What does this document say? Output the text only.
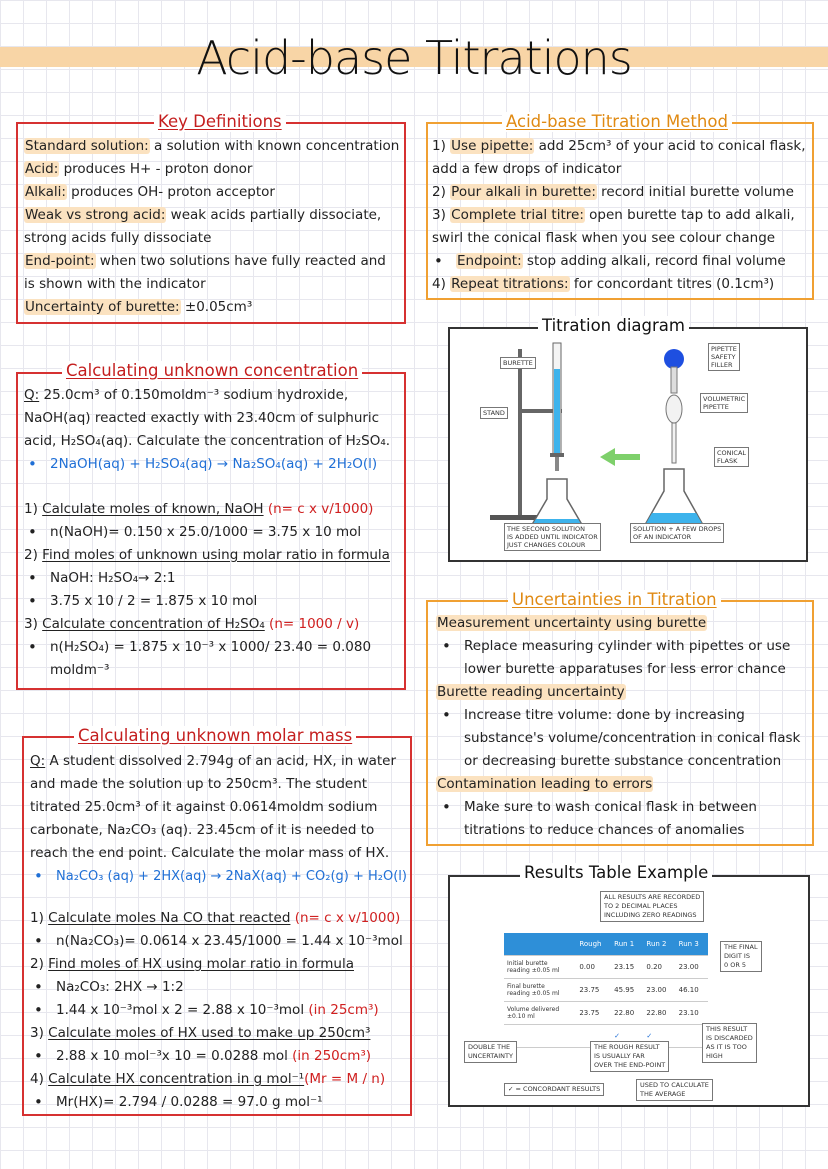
Acid-base Titrations
Key Definitions
Standard solution: a solution with known concentration
Acid: produces H+ - proton donor
Alkali: produces OH- proton acceptor
Weak vs strong acid: weak acids partially dissociate,
strong acids fully dissociate
End-point: when two solutions have fully reacted and
is shown with the indicator
Uncertainty of burette: ±0.05cm³
Acid-base Titration Method
1) Use pipette: add 25cm³ of your acid to conical flask,
add a few drops of indicator
2) Pour alkali in burette: record initial burette volume
3) Complete trial titre: open burette tap to add alkali,
swirl the conical flask when you see colour change
• Endpoint: stop adding alkali, record final volume
4) Repeat titrations: for concordant titres (0.1cm³)
BURETTE
STAND
PIPETTE
SAFETY
FILLER
VOLUMETRIC
PIPETTE
CONICAL
FLASK
THE SECOND SOLUTION
IS ADDED UNTIL INDICATOR
JUST CHANGES COLOUR
SOLUTION + A FEW DROPS
OF AN INDICATOR
Titration diagram
Calculating unknown concentration
Q: 25.0cm³ of 0.150moldm⁻³ sodium hydroxide,
NaOH(aq) reacted exactly with 23.40cm of sulphuric
acid, H₂SO₄(aq). Calculate the concentration of H₂SO₄.
• 2NaOH(aq) + H₂SO₄(aq) → Na₂SO₄(aq) + 2H₂O(l)
1) Calculate moles of known, NaOH (n= c x v/1000)
• n(NaOH)= 0.150 x 25.0/1000 = 3.75 x 10 mol
2) Find moles of unknown using molar ratio in formula
• NaOH: H₂SO₄→ 2:1
• 3.75 x 10 / 2 = 1.875 x 10 mol
3) Calculate concentration of H₂SO₄ (n= 1000 / v)
• n(H₂SO₄) = 1.875 x 10⁻³ x 1000/ 23.40 = 0.080
moldm⁻³
Uncertainties in Titration
Measurement uncertainty using burette
• Replace measuring cylinder with pipettes or use
lower burette apparatuses for less error chance
Burette reading uncertainty
• Increase titre volume: done by increasing
substance's volume/concentration in conical flask
or decreasing burette substance concentration
Contamination leading to errors
• Make sure to wash conical flask in between
titrations to reduce chances of anomalies
Calculating unknown molar mass
Q: A student dissolved 2.794g of an acid, HX, in water
and made the solution up to 250cm³. The student
titrated 25.0cm³ of it against 0.0614moldm sodium
carbonate, Na₂CO₃ (aq). 23.45cm of it is needed to
reach the end point. Calculate the molar mass of HX.
• Na₂CO₃ (aq) + 2HX(aq) → 2NaX(aq) + CO₂(g) + H₂O(l)
1) Calculate moles Na CO that reacted (n= c x v/1000)
• n(Na₂CO₃)= 0.0614 x 23.45/1000 = 1.44 x 10⁻³mol
2) Find moles of HX using molar ratio in formula
• Na₂CO₃: 2HX → 1:2
• 1.44 x 10⁻³mol x 2 = 2.88 x 10⁻³mol (in 25cm³)
3) Calculate moles of HX used to make up 250cm³
• 2.88 x 10 mol⁻³x 10 = 0.0288 mol (in 250cm³)
4) Calculate HX concentration in g mol⁻¹(Mr = M / n)
• Mr(HX)= 2.794 / 0.0288 = 97.0 g mol⁻¹
ALL RESULTS ARE RECORDED
TO 2 DECIMAL PLACES
INCLUDING ZERO READINGS
	Rough	Run 1	Run 2	Run 3
Initial burette
reading ±0.05 ml	0.00	23.15	0.20	23.00
Final burette
reading ±0.05 ml	23.75	45.95	23.00	46.10
Volume delivered
±0.10 ml	23.75	22.80	22.80	23.10
		✓	✓	
THE FINAL
DIGIT IS
0 OR 5
THIS RESULT
IS DISCARDED
AS IT IS TOO
HIGH
DOUBLE THE
UNCERTAINTY
THE ROUGH RESULT
IS USUALLY FAR
OVER THE END-POINT
✓ = CONCORDANT RESULTS	USED TO CALCULATE
THE AVERAGE
Results Table Example
